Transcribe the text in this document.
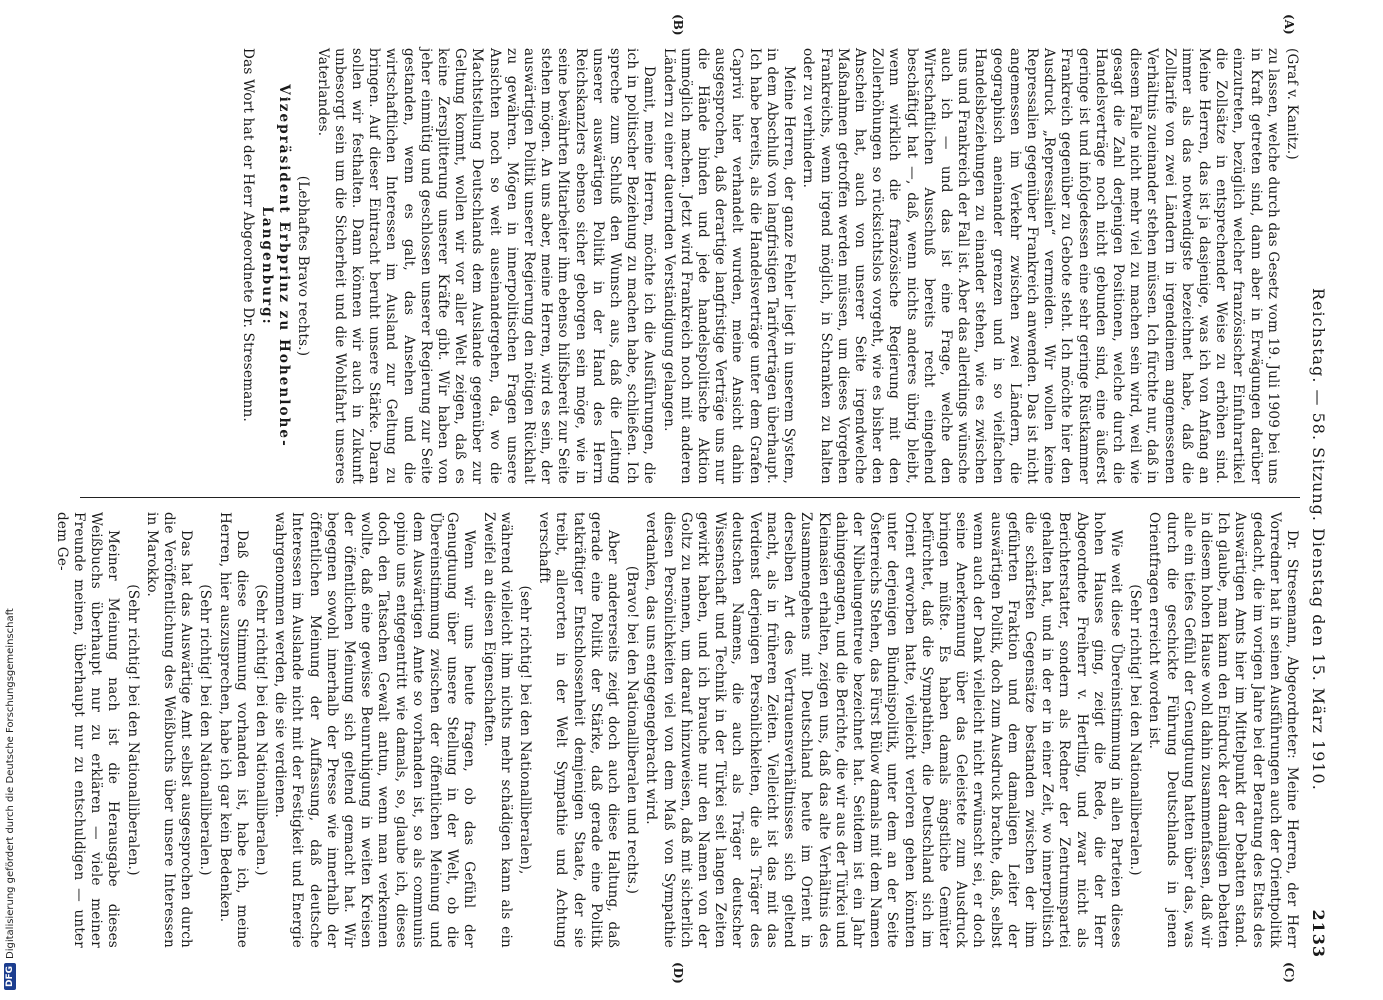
DFG
Digitalisierung gefördert durch die Deutsche Forschungsgemeinschaft	Reichstag. — 58. Sitzung. Dienstag den 15. März 1910.
2133
(A)
(B)
(C)
(D)

(Graf v. Kanitz.)

zu lassen, welche durch das Gesetz vom 19. Juli 1909 bei uns in Kraft getreten sind, dann aber in Erwägungen darüber einzutreten, bezüglich welcher französischer Einfuhrartikel die Zollsätze in entsprechender Weise zu erhöhen sind. Meine Herren, das ist ja dasjenige, was ich von Anfang an immer als das notwendigste bezeichnet habe, daß die Zolltarife von zwei Ländern in irgendeinem angemessenen Verhältnis zueinander stehen müssen. Ich fürchte nur, daß in diesem Falle nicht mehr viel zu machen sein wird, weil wie gesagt die Zahl derjenigen Positionen, welche durch die Handelsverträge noch nicht gebunden sind, eine äußerst geringe ist und infolgedessen eine sehr geringe Rüstkammer Frankreich gegenüber zu Gebote steht. Ich möchte hier den Ausdruck „Repressalien“ vermeiden. Wir wollen keine Repressalien gegenüber Frankreich anwenden. Das ist nicht angemessen im Verkehr zwischen zwei Ländern, die geographisch aneinander grenzen und in so vielfachen Handelsbeziehungen zu einander stehen, wie es zwischen uns und Frankreich der Fall ist. Aber das allerdings wünsche auch ich — und das ist eine Frage, welche den Wirtschaftlichen Ausschuß bereits recht eingehend beschäftigt hat —, daß, wenn nichts anderes übrig bleibt, wenn wirklich die französische Regierung mit den Zollerhöhungen so rücksichtslos vorgeht, wie es bisher den Anschein hat, auch von unserer Seite irgendwelche Maßnahmen getroffen werden müssen, um dieses Vorgehen Frankreichs, wenn irgend möglich, in Schranken zu halten oder zu verhindern.

Meine Herren, der ganze Fehler liegt in unserem System, in dem Abschluß von langfristigen Tarifverträgen überhaupt. Ich habe bereits, als die Handelsverträge unter dem Grafen Caprivi hier verhandelt wurden, meine Ansicht dahin ausgesprochen, daß derartige langfristige Verträge uns nur die Hände binden und jede handelspolitische Aktion unmöglich machen. Jetzt wird Frankreich noch mit anderen Ländern zu einer dauernden Verständigung gelangen.

Damit, meine Herren, möchte ich die Ausführungen, die ich in politischer Beziehung zu machen habe, schließen. Ich spreche zum Schluß den Wunsch aus, daß die Leitung unserer auswärtigen Politik in der Hand des Herrn Reichskanzlers ebenso sicher geborgen sein möge, wie in seine bewährten Mitarbeiter ihm ebenso hilfsbereit zur Seite stehen mögen. An uns aber, meine Herren, wird es sein, der auswärtigen Politik unserer Regierung den nötigen Rückhalt zu gewähren. Mögen in innerpolitischen Fragen unsere Ansichten noch so weit auseinandergehen, da, wo die Machtstellung Deutschlands dem Auslande gegenüber zur Geltung kommt, wollen wir vor aller Welt zeigen, daß es keine Zersplitterung unserer Kräfte gibt. Wir haben von jeher einmütig und geschlossen unserer Regierung zur Seite gestanden, wenn es galt, das Ansehen und die wirtschaftlichen Interessen im Ausland zur Geltung zu bringen. Auf dieser Eintracht beruht unsere Stärke. Daran sollen wir festhalten. Dann können wir auch in Zukunft unbesorgt sein um die Sicherheit und die Wohlfahrt unseres Vaterlandes.

(Lebhaftes Bravo rechts.)

Vizepräsident Erbprinz zu Hohenlohe-Langenburg:

Das Wort hat der Herr Abgeordnete Dr. Stresemann.

Dr. Stresemann, Abgeordneter: Meine Herren, der Herr Vorredner hat in seinen Ausführungen auch der Orientpolitik gedacht, die im vorigen Jahre bei der Beratung des Etats des Auswärtigen Amts hier im Mittelpunkt der Debatten stand. Ich glaube, man kann den Eindruck der damaligen Debatten in diesem hohen Hause wohl dahin zusammenfassen, daß wir alle ein tiefes Gefühl der Genugtuung hatten über das, was durch die geschickte Führung Deutschlands in jenen Orientfragen erreicht worden ist.

(Sehr richtig! bei den Nationalliberalen.)

Wie weit diese Übereinstimmung in allen Parteien dieses hohen Hauses ging, zeigt die Rede, die der Herr Abgeordnete Freiherr v. Hertling, und zwar nicht als Berichterstatter, sondern als Redner der Zentrumspartei gehalten hat, und in der er in einer Zeit, wo innerpolitisch die schärfsten Gegensätze bestanden zwischen der ihm geführten Fraktion und dem damaligen Leiter der auswärtigen Politik, doch zum Ausdruck brachte, daß, selbst wenn auch der Dank vielleicht nicht erwünscht sei, er doch seine Anerkennung über das Geleistete zum Ausdruck bringen müßte. Es haben damals ängstliche Gemüter befürchtet, daß die Sympathien, die Deutschland sich im Orient erworben hatte, vielleicht verloren gehen könnten unter derjenigen Bündnispolitik, unter dem an der Seite Österreichs Stehen, das Fürst Bülow damals mit dem Namen der Nibelungentreue bezeichnet hat. Seitdem ist ein Jahr dahingegangen, und die Berichte, die wir aus der Türkei und Kleinasien erhalten, zeigen uns, daß das alte Verhältnis des Zusammengehens mit Deutschland heute im Orient in derselben Art des Vertrauensverhältnisses sich geltend macht, als in früheren Zeiten. Vielleicht ist das mit das Verdienst derjenigen Persönlichkeiten, die als Träger des deutschen Namens, die auch als Träger deutscher Wissenschaft und Technik in der Türkei seit langen Zeiten gewirkt haben, und ich brauche nur den Namen von der Goltz zu nennen, um darauf hinzuweisen, daß mit sicherlich diesen Persönlichkeiten viel von dem Maß von Sympathie verdanken, das uns entgegengebracht wird.

(Bravo! bei den Nationalliberalen und rechts.)

Aber andererseits zeigt doch auch diese Haltung, daß gerade eine Politik der Stärke, daß gerade eine Politik tatkräftiger Entschlossenheit demjenigen Staate, der sie treibt, allerorten in der Welt Sympathie und Achtung verschafft

(sehr richtig! bei den Nationalliberalen),

während vielleicht ihm nichts mehr schädigen kann als ein Zweifel an diesen Eigenschaften.

Wenn wir uns heute fragen, ob das Gefühl der Genugtuung über unsere Stellung in der Welt, ob die Übereinstimmung zwischen der öffentlichen Meinung und dem Auswärtigen Amte so vorhanden ist, so als communis opinio uns entgegentritt wie damals, so, glaube ich, dieses doch den Tatsachen Gewalt antun, wenn man verkennen wollte, daß eine gewisse Beunruhigung in weiten Kreisen der öffentlichen Meinung sich geltend gemacht hat. Wir begegnen sowohl innerhalb der Presse wie innerhalb der öffentlichen Meinung der Auffassung, daß deutsche Interessen im Auslande nicht mit der Festigkeit und Energie wahrgenommen werden, die sie verdienen.

(Sehr richtig! bei den Nationalliberalen.)

Daß diese Stimmung vorhanden ist, habe ich, meine Herren, hier auszusprechen, habe ich gar kein Bedenken.

(Sehr richtig! bei den Nationalliberalen.)

Das hat das Auswärtige Amt selbst ausgesprochen durch die Veröffentlichung des Weißbuchs über unsere Interessen in Marokko.

(Sehr richtig! bei den Nationalliberalen.)

Meiner Meinung nach ist die Herausgabe dieses Weißbuchs überhaupt nur zu erklären — viele meiner Freunde meinen, überhaupt nur zu entschuldigen — unter dem Ge-
